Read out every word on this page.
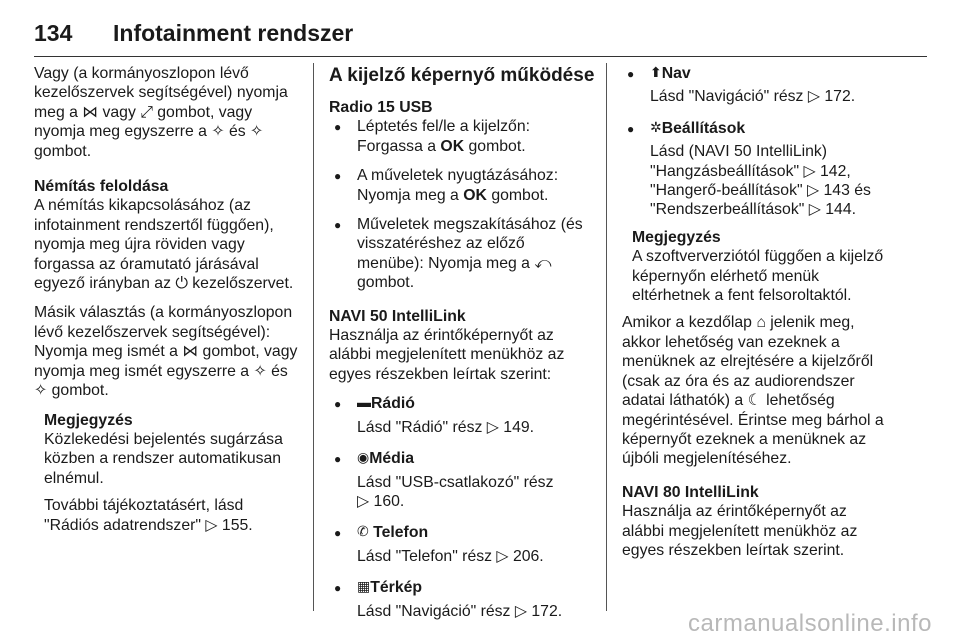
134 Infotainment rendszer

Vagy (a kormányoszlopon lévő
kezelőszervek segítségével) nyomja
meg a ⋈ vagy ⤢ gombot, vagy
nyomja meg egyszerre a ✧ és ✧
gombot.

Némítás feloldása

A némítás kikapcsolásához (az
infotainment rendszertől függően),
nyomja meg újra röviden vagy
forgassa az óramutató járásával
egyező irányban az ⏻ kezelőszervet.

Másik választás (a kormányoszlopon
lévő kezelőszervek segítségével):
Nyomja meg ismét a ⋈ gombot, vagy
nyomja meg ismét egyszerre a ✧ és
✧ gombot.

Megjegyzés

Közlekedési bejelentés sugárzása
közben a rendszer automatikusan
elnémul.

További tájékoztatásért, lásd
"Rádiós adatrendszer" ▷ 155.

A kijelző képernyő működése
Radio 15 USB
●
Léptetés fel/le a kijelzőn:
Forgassa a OK gombot.
●
A műveletek nyugtázásához:
Nyomja meg a OK gombot.
●
Műveletek megszakításához (és
visszatéréshez az előző
menübe): Nyomja meg a ⤺
gombot.
NAVI 50 IntelliLink

Használja az érintőképernyőt az
alábbi megjelenített menükhöz az
egyes részekben leírtak szerint:

●
▬Rádió
Lásd "Rádió" rész ▷ 149.
●
◉Média
Lásd "USB-csatlakozó" rész
▷ 160.
●
✆ Telefon
Lásd "Telefon" rész ▷ 206.
●
▦Térkép
Lásd "Navigáció" rész ▷ 172.
●
⬆Nav
Lásd "Navigáció" rész ▷ 172.
●
✲Beállítások
Lásd (NAVI 50 IntelliLink)
"Hangzásbeállítások" ▷ 142,
"Hangerő-beállítások" ▷ 143 és
"Rendszerbeállítások" ▷ 144.
Megjegyzés

A szoftververziótól függően a kijelző
képernyőn elérhető menük
eltérhetnek a fent felsoroltaktól.

Amikor a kezdőlap ⌂ jelenik meg,
akkor lehetőség van ezeknek a
menüknek az elrejtésére a kijelzőről
(csak az óra és az audiorendszer
adatai láthatók) a ☾ lehetőség
megérintésével. Érintse meg bárhol a
képernyőt ezeknek a menüknek az
újbóli megjelenítéséhez.

NAVI 80 IntelliLink

Használja az érintőképernyőt az
alábbi megjelenített menükhöz az
egyes részekben leírtak szerint.

carmanualsonline.info
